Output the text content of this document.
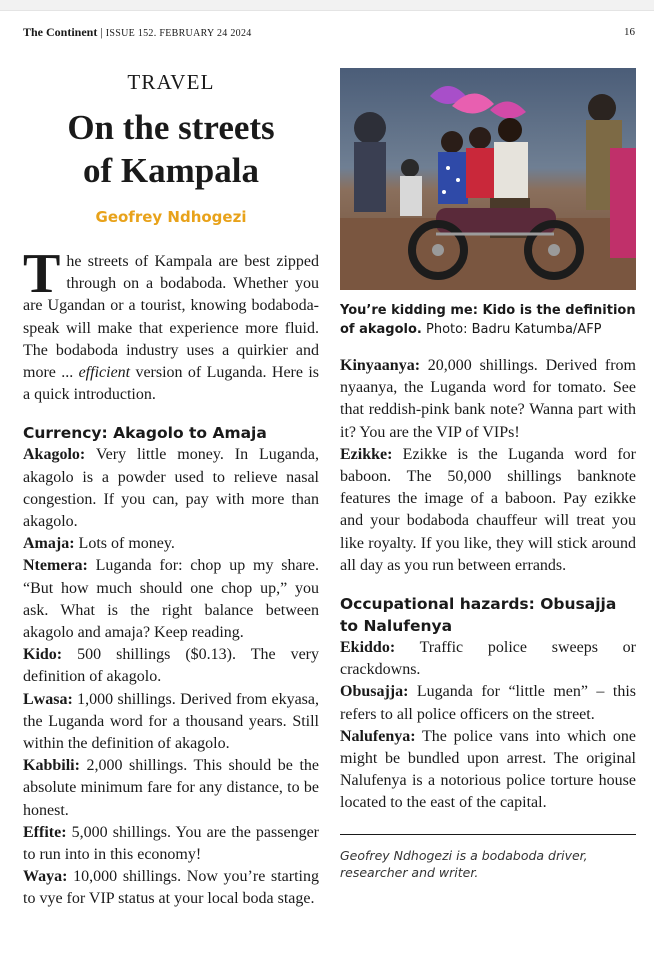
The Continent | ISSUE 152. FEBRUARY 24 2024	16
TRAVEL
On the streets
of Kampala
Geofrey Ndhogezi
The streets of Kampala are best zipped through on a bodaboda. Whether you are Ugandan or a tourist, knowing bodaboda-speak will make that experience more fluid. The bodaboda industry uses a quirkier and more ... efficient version of Luganda. Here is a quick introduction.
Currency: Akagolo to Amaja
Akagolo: Very little money. In Luganda, akagolo is a powder used to relieve nasal congestion. If you can, pay with more than akagolo.
Amaja: Lots of money.
Ntemera: Luganda for: chop up my share. “But how much should one chop up,” you ask. What is the right balance between akagolo and amaja? Keep reading.
Kido: 500 shillings ($0.13). The very definition of akagolo.
Lwasa: 1,000 shillings. Derived from ekyasa, the Luganda word for a thousand years. Still within the definition of akagolo.
Kabbili: 2,000 shillings. This should be the absolute minimum fare for any distance, to be honest.
Effite: 5,000 shillings. You are the passenger to run into in this economy!
Waya: 10,000 shillings. Now you’re starting to vye for VIP status at your local boda stage.
You’re kidding me: Kido is the definition of akagolo. Photo: Badru Katumba/AFP
Kinyaanya: 20,000 shillings. Derived from nyaanya, the Luganda word for tomato. See that reddish-pink bank note? Wanna part with it? You are the VIP of VIPs!
Ezikke: Ezikke is the Luganda word for baboon. The 50,000 shillings banknote features the image of a baboon. Pay ezikke and your bodaboda chauffeur will treat you like royalty. If you like, they will stick around all day as you run between errands.
Occupational hazards: Obusajja to Nalufenya
Ekiddo: Traffic police sweeps or crackdowns.
Obusajja: Luganda for “little men” – this refers to all police officers on the street.
Nalufenya: The police vans into which one might be bundled upon arrest. The original Nalufenya is a notorious police torture house located to the east of the capital.
Geofrey Ndhogezi is a bodaboda driver, researcher and writer.
